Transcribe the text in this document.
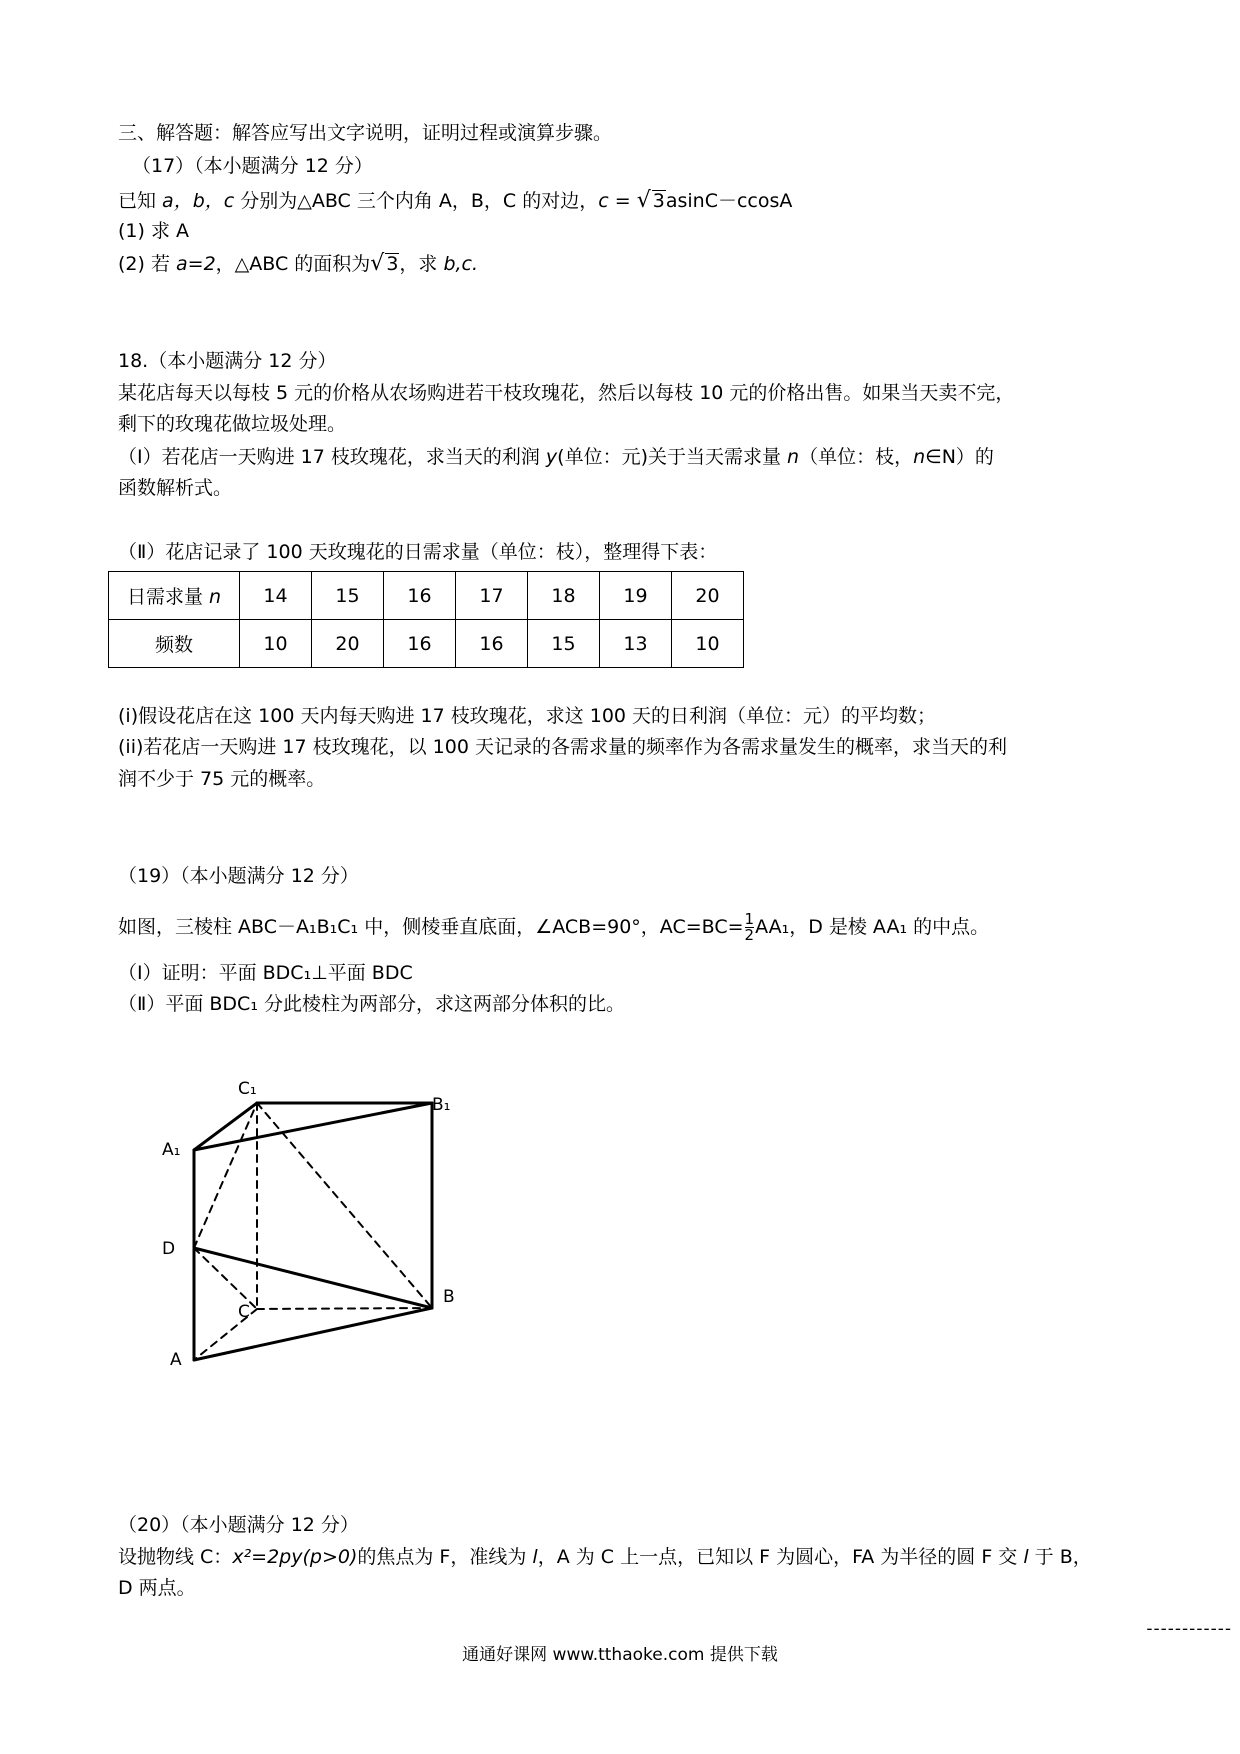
三、解答题：解答应写出文字说明，证明过程或演算步骤。
（17）（本小题满分 12 分）
已知 a，b，c 分别为△ABC 三个内角 A，B，C 的对边，c = √ 3asinC－ccosA
(1) 求 A
(2) 若 a=2，△ABC 的面积为√ 3，求 b,c.
18.（本小题满分 12 分）
某花店每天以每枝 5 元的价格从农场购进若干枝玫瑰花，然后以每枝 10 元的价格出售。如果当天卖不完，
剩下的玫瑰花做垃圾处理。
（Ⅰ）若花店一天购进 17 枝玫瑰花，求当天的利润 y(单位：元)关于当天需求量 n（单位：枝，n∈N）的
函数解析式。
（Ⅱ）花店记录了 100 天玫瑰花的日需求量（单位：枝），整理得下表：
日需求量 n	14	15	16	17	18	19	20
频数	10	20	16	16	15	13	10
(i)假设花店在这 100 天内每天购进 17 枝玫瑰花，求这 100 天的日利润（单位：元）的平均数；
(ii)若花店一天购进 17 枝玫瑰花，以 100 天记录的各需求量的频率作为各需求量发生的概率，求当天的利
润不少于 75 元的概率。
（19）（本小题满分 12 分）
如图，三棱柱 ABC－A₁B₁C₁ 中，侧棱垂直底面，∠ACB=90°，$AC=BC= \frac{1}{2} AA_1$，D 是棱 AA₁ 的中点。
（Ⅰ）证明：平面 BDC₁⊥平面 BDC
（Ⅱ）平面 BDC₁ 分此棱柱为两部分，求这两部分体积的比。
C₁
B₁
A₁
D
B
C
A
（20）（本小题满分 12 分）
设抛物线 C：x²=2py(p>0)的焦点为 F，准线为 l，A 为 C 上一点，已知以 F 为圆心，FA 为半径的圆 F 交 l 于 B，
D 两点。
------------
通通好课网 www.tthaoke.com 提供下载
